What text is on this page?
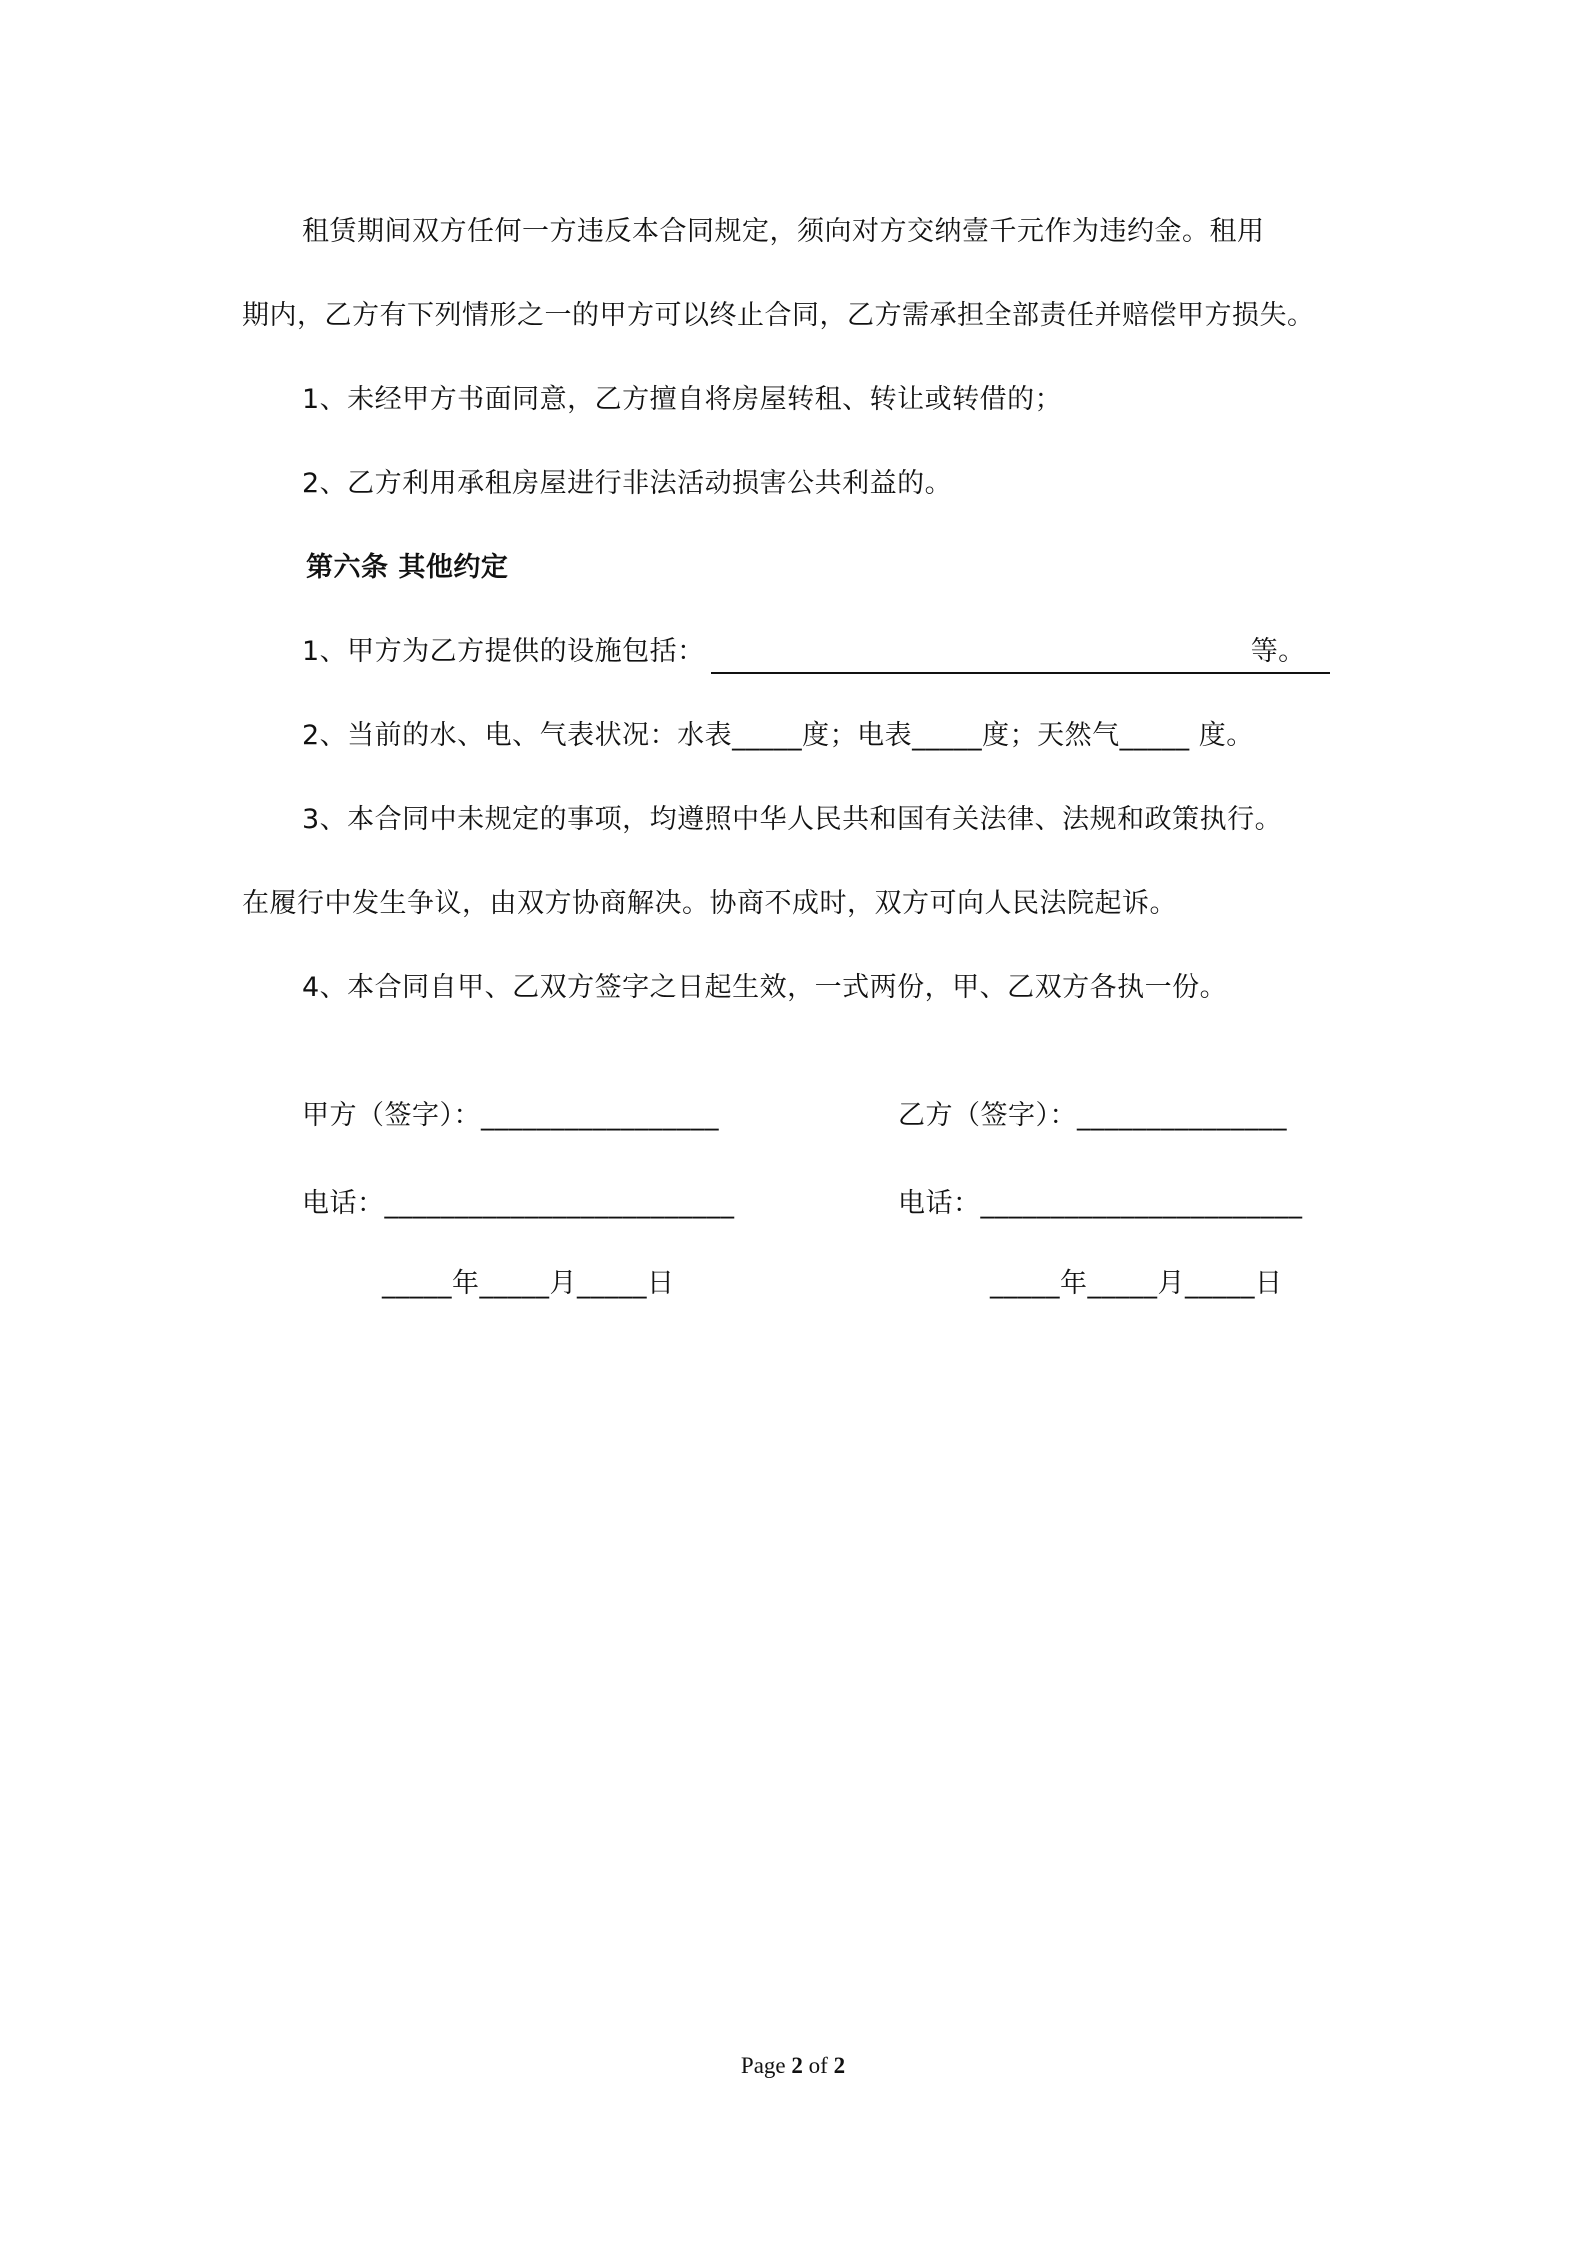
租赁期间双方任何一方违反本合同规定，须向对方交纳壹千元作为违约金。租用
期内，乙方有下列情形之一的甲方可以终止合同，乙方需承担全部责任并赔偿甲方损失。
1、未经甲方书面同意，乙方擅自将房屋转租、转让或转借的；
2、乙方利用承租房屋进行非法活动损害公共利益的。
第六条 其他约定
1、甲方为乙方提供的设施包括：	等。
2、当前的水、电、气表状况：水表_____度；电表_____度；天然气_____ 度。
3、本合同中未规定的事项，均遵照中华人民共和国有关法律、法规和政策执行。
在履行中发生争议，由双方协商解决。协商不成时，双方可向人民法院起诉。
4、本合同自甲、乙双方签字之日起生效，一式两份，甲、乙双方各执一份。
甲方（签字）：_________________	乙方（签字）：_______________
电话：_________________________	电话：_______________________
_____年_____月_____日	_____年_____月_____日
Page 2 of 2
